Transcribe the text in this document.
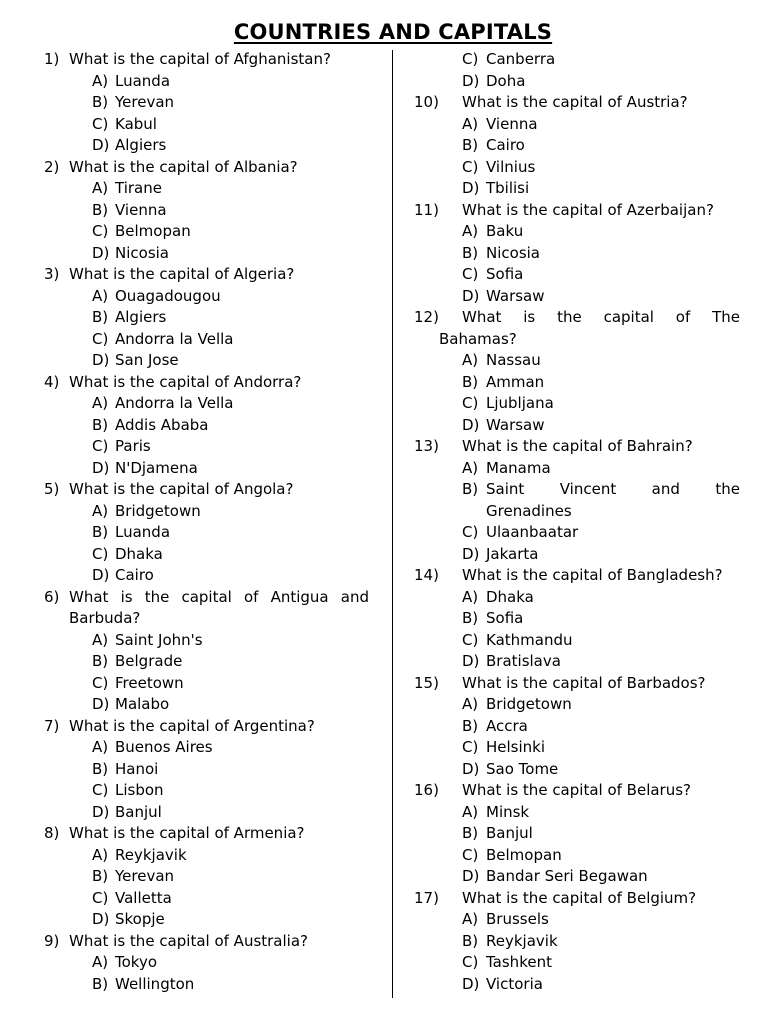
COUNTRIES AND CAPITALS
1) What is the capital of Afghanistan?
A) Luanda
B) Yerevan
C) Kabul
D) Algiers
2) What is the capital of Albania?
A) Tirane
B) Vienna
C) Belmopan
D) Nicosia
3) What is the capital of Algeria?
A) Ouagadougou
B) Algiers
C) Andorra la Vella
D) San Jose
4) What is the capital of Andorra?
A) Andorra la Vella
B) Addis Ababa
C) Paris
D) N'Djamena
5) What is the capital of Angola?
A) Bridgetown
B) Luanda
C) Dhaka
D) Cairo
6) What is the capital of Antigua and
Barbuda?
A) Saint John's
B) Belgrade
C) Freetown
D) Malabo
7) What is the capital of Argentina?
A) Buenos Aires
B) Hanoi
C) Lisbon
D) Banjul
8) What is the capital of Armenia?
A) Reykjavik
B) Yerevan
C) Valletta
D) Skopje
9) What is the capital of Australia?
A) Tokyo
B) Wellington
C) Canberra
D) Doha
10) What is the capital of Austria?
A) Vienna
B) Cairo
C) Vilnius
D) Tbilisi
11) What is the capital of Azerbaijan?
A) Baku
B) Nicosia
C) Sofia
D) Warsaw
12) What is the capital of The
Bahamas?
A) Nassau
B) Amman
C) Ljubljana
D) Warsaw
13) What is the capital of Bahrain?
A) Manama
B) Saint Vincent and the
Grenadines
C) Ulaanbaatar
D) Jakarta
14) What is the capital of Bangladesh?
A) Dhaka
B) Sofia
C) Kathmandu
D) Bratislava
15) What is the capital of Barbados?
A) Bridgetown
B) Accra
C) Helsinki
D) Sao Tome
16) What is the capital of Belarus?
A) Minsk
B) Banjul
C) Belmopan
D) Bandar Seri Begawan
17) What is the capital of Belgium?
A) Brussels
B) Reykjavik
C) Tashkent
D) Victoria
